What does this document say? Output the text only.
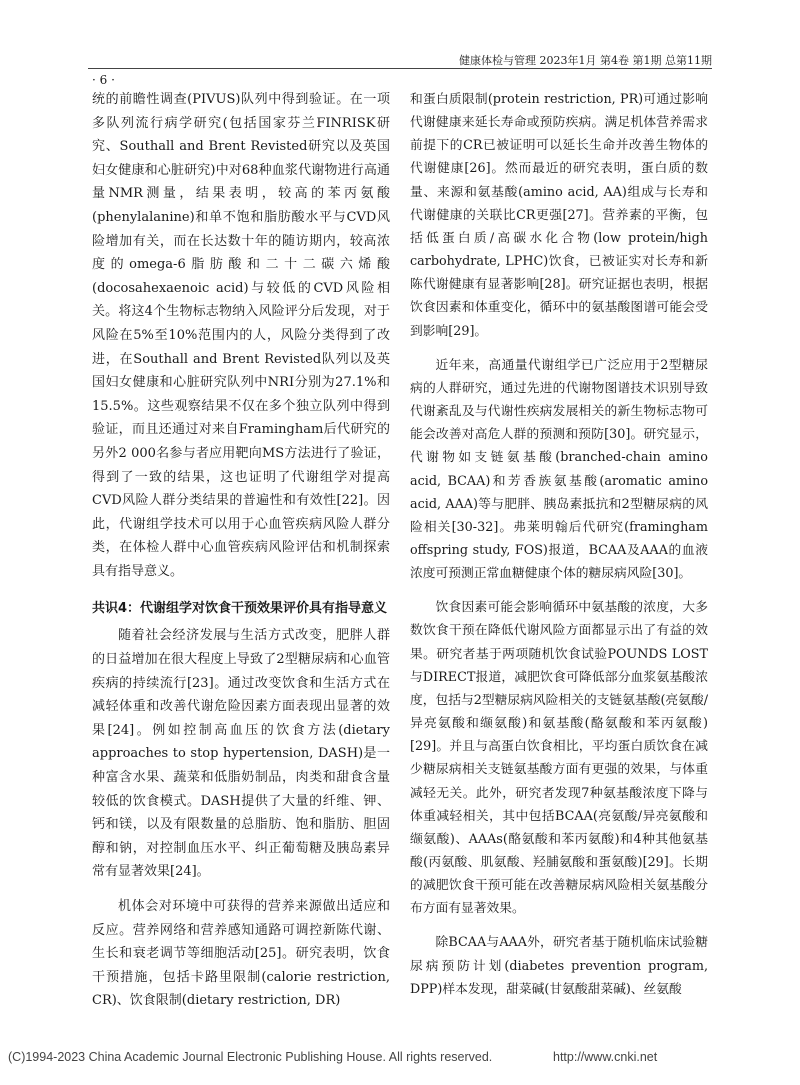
健康体检与管理 2023年1月 第4卷 第1期 总第11期
· 6 ·

统的前瞻性调查(PIVUS)队列中得到验证。在一项多队列流行病学研究(包括国家芬兰FINRISK研究、Southall and Brent Revisted研究以及英国妇女健康和心脏研究)中对68种血浆代谢物进行高通量NMR测量，结果表明，较高的苯丙氨酸(phenylalanine)和单不饱和脂肪酸水平与CVD风险增加有关，而在长达数十年的随访期内，较高浓度的omega-6脂肪酸和二十二碳六烯酸(docosahexaenoic acid)与较低的CVD风险相关。将这4个生物标志物纳入风险评分后发现，对于风险在5%至10%范围内的人，风险分类得到了改进，在Southall and Brent Revisted队列以及英国妇女健康和心脏研究队列中NRI分别为27.1%和15.5%。这些观察结果不仅在多个独立队列中得到验证，而且还通过对来自Framingham后代研究的另外2 000名参与者应用靶向MS方法进行了验证，得到了一致的结果，这也证明了代谢组学对提高CVD风险人群分类结果的普遍性和有效性[22]。因此，代谢组学技术可以用于心血管疾病风险人群分类，在体检人群中心血管疾病风险评估和机制探索具有指导意义。

共识4：代谢组学对饮食干预效果评价具有指导意义

随着社会经济发展与生活方式改变，肥胖人群的日益增加在很大程度上导致了2型糖尿病和心血管疾病的持续流行[23]。通过改变饮食和生活方式在减轻体重和改善代谢危险因素方面表现出显著的效果[24]。例如控制高血压的饮食方法(dietary approaches to stop hypertension, DASH)是一种富含水果、蔬菜和低脂奶制品，肉类和甜食含量较低的饮食模式。DASH提供了大量的纤维、钾、钙和镁，以及有限数量的总脂肪、饱和脂肪、胆固醇和钠，对控制血压水平、纠正葡萄糖及胰岛素异常有显著效果[24]。

机体会对环境中可获得的营养来源做出适应和反应。营养网络和营养感知通路可调控新陈代谢、生长和衰老调节等细胞活动[25]。研究表明，饮食干预措施，包括卡路里限制(calorie restriction, CR)、饮食限制(dietary restriction, DR)

和蛋白质限制(protein restriction, PR)可通过影响代谢健康来延长寿命或预防疾病。满足机体营养需求前提下的CR已被证明可以延长生命并改善生物体的代谢健康[26]。然而最近的研究表明，蛋白质的数量、来源和氨基酸(amino acid, AA)组成与长寿和代谢健康的关联比CR更强[27]。营养素的平衡，包括低蛋白质/高碳水化合物(low protein/high carbohydrate, LPHC)饮食，已被证实对长寿和新陈代谢健康有显著影响[28]。研究证据也表明，根据饮食因素和体重变化，循环中的氨基酸图谱可能会受到影响[29]。

近年来，高通量代谢组学已广泛应用于2型糖尿病的人群研究，通过先进的代谢物图谱技术识别导致代谢紊乱及与代谢性疾病发展相关的新生物标志物可能会改善对高危人群的预测和预防[30]。研究显示，代谢物如支链氨基酸(branched-chain amino acid, BCAA)和芳香族氨基酸(aromatic amino acid, AAA)等与肥胖、胰岛素抵抗和2型糖尿病的风险相关[30-32]。弗莱明翰后代研究(framingham offspring study, FOS)报道，BCAA及AAA的血液浓度可预测正常血糖健康个体的糖尿病风险[30]。

饮食因素可能会影响循环中氨基酸的浓度，大多数饮食干预在降低代谢风险方面都显示出了有益的效果。研究者基于两项随机饮食试验POUNDS LOST与DIRECT报道，减肥饮食可降低部分血浆氨基酸浓度，包括与2型糖尿病风险相关的支链氨基酸(亮氨酸/异亮氨酸和缬氨酸)和氨基酸(酪氨酸和苯丙氨酸)[29]。并且与高蛋白饮食相比，平均蛋白质饮食在减少糖尿病相关支链氨基酸方面有更强的效果，与体重减轻无关。此外，研究者发现7种氨基酸浓度下降与体重减轻相关，其中包括BCAA(亮氨酸/异亮氨酸和缬氨酸)、AAAs(酪氨酸和苯丙氨酸)和4种其他氨基酸(丙氨酸、肌氨酸、羟脯氨酸和蛋氨酸)[29]。长期的减肥饮食干预可能在改善糖尿病风险相关氨基酸分布方面有显著效果。

除BCAA与AAA外，研究者基于随机临床试验糖尿病预防计划(diabetes prevention program, DPP)样本发现，甜菜碱(甘氨酸甜菜碱)、丝氨酸

(C)1994-2023 China Academic Journal Electronic Publishing House. All rights reserved.	http://www.cnki.net
